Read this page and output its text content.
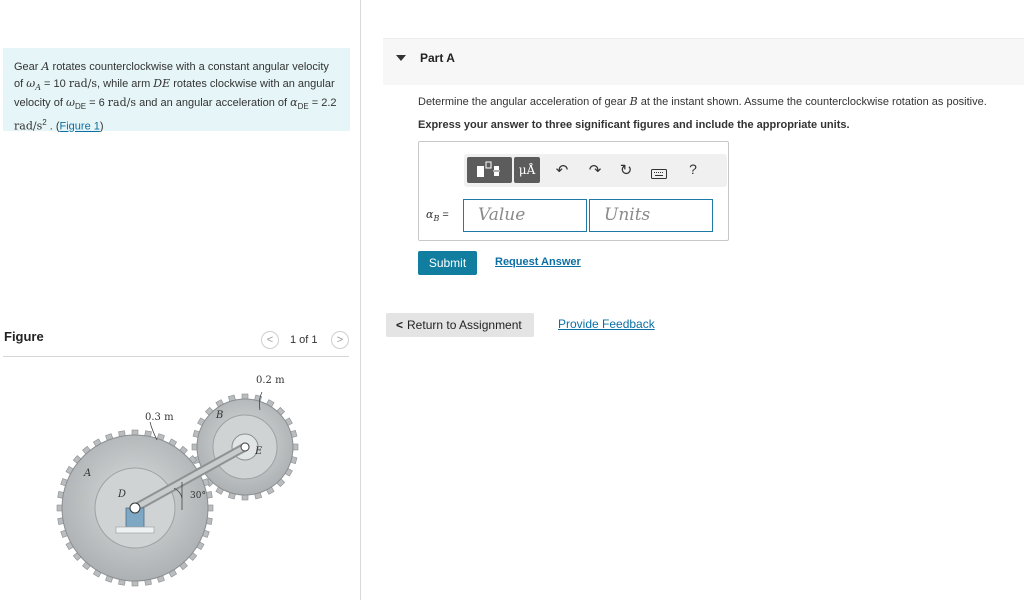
Gear A rotates counterclockwise with a constant angular velocity of $\omega_A = 10$ rad/s, while arm DE rotates clockwise with an angular velocity of $\omega_{DE} = 6$ rad/s and an angular acceleration of $\alpha_{DE} = 2.2$ rad/$s^2$ . (Figure 1)
Figure	<	1 of 1	>
0.2 m
0.3 m
A
B
D
E
30°
Part A
Determine the angular acceleration of gear B at the instant shown. Assume the counterclockwise rotation as positive.
Express your answer to three significant figures and include the appropriate units.
μÅ	↶ ↷ ↻	?
$\alpha_B$ =	Value	Units
Submit	Request Answer
< Return to Assignment	Provide Feedback
